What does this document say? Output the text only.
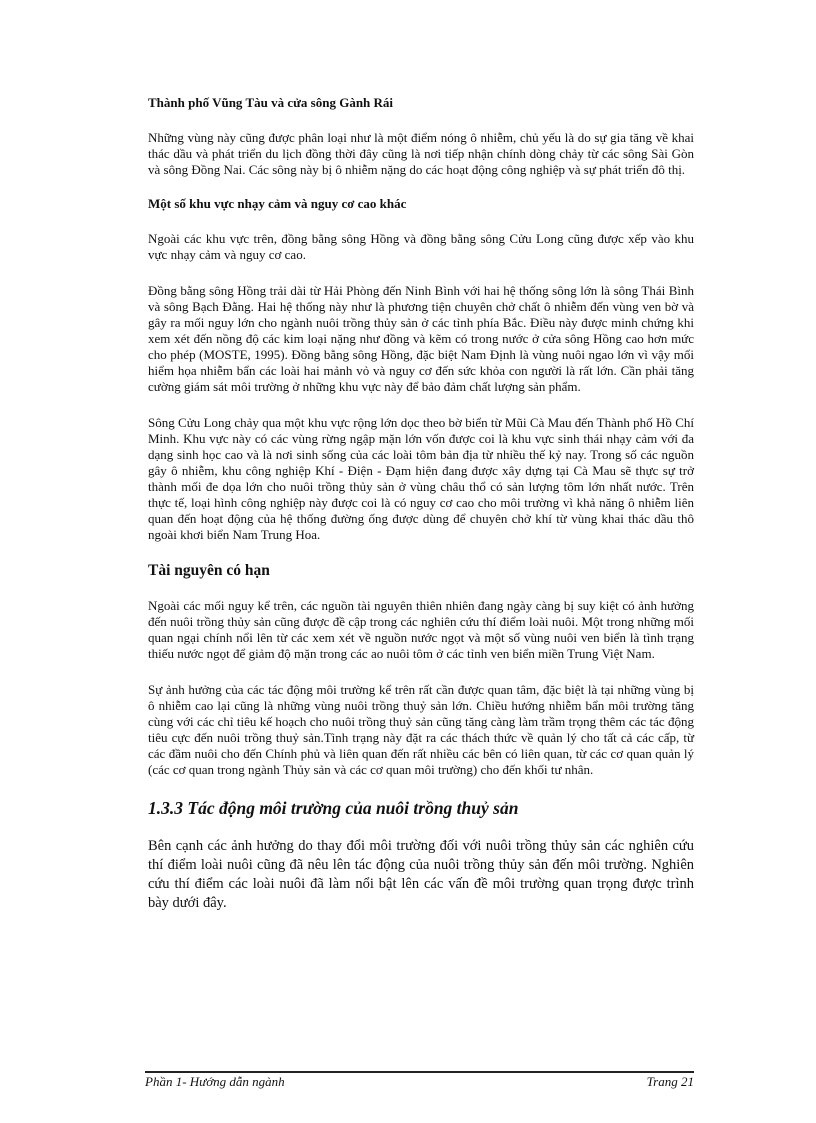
Thành phố Vũng Tàu và cửa sông Gành Rái

Những vùng này cũng được phân loại như là một điểm nóng ô nhiễm, chủ yếu là do sự gia tăng về khai thác dầu và phát triển du lịch đồng thời đây cũng là nơi tiếp nhận chính dòng chảy từ các sông Sài Gòn và sông Đồng Nai. Các sông này bị ô nhiễm nặng do các hoạt động công nghiệp và sự phát triển đô thị.

Một số khu vực nhạy cảm và nguy cơ cao khác

Ngoài các khu vực trên, đồng bằng sông Hồng và đồng bằng sông Cửu Long cũng được xếp vào khu vực nhạy cảm và nguy cơ cao.

Đồng bằng sông Hồng trải dài từ Hải Phòng đến Ninh Bình với hai hệ thống sông lớn là sông Thái Bình và sông Bạch Đằng. Hai hệ thống này như là phương tiện chuyên chở chất ô nhiễm đến vùng ven bờ và gây ra mối nguy lớn cho ngành nuôi trồng thủy sản ở các tỉnh phía Bắc. Điều này được minh chứng khi xem xét đến nồng độ các kim loại nặng như đồng và kẽm có trong nước ở cửa sông Hồng cao hơn mức cho phép (MOSTE, 1995). Đồng bằng sông Hồng, đặc biệt Nam Định là vùng nuôi ngao lớn vì vậy mối hiểm họa nhiễm bẩn các loài hai mảnh vỏ và nguy cơ đến sức khỏa con người là rất lớn. Cần phải tăng cường giám sát môi trường ở những khu vực này để bảo đảm chất lượng sản phẩm.

Sông Cửu Long chảy qua một khu vực rộng lớn dọc theo bờ biển từ Mũi Cà Mau đến Thành phố Hồ Chí Minh. Khu vực này có các vùng rừng ngập mặn lớn vốn được coi là khu vực sinh thái nhạy cảm với đa dạng sinh học cao và là nơi sinh sống của các loài tôm bản địa từ nhiều thế kỷ nay. Trong số các nguồn gây ô nhiễm, khu công nghiệp Khí - Điện - Đạm hiện đang được xây dựng tại Cà Mau sẽ thực sự trở thành mối đe dọa lớn cho nuôi trồng thủy sản ở vùng châu thổ có sản lượng tôm lớn nhất nước. Trên thực tế, loại hình công nghiệp này được coi là có nguy cơ cao cho môi trường vì khả năng ô nhiễm liên quan đến hoạt động của hệ thống đường ống được dùng để chuyên chở khí từ vùng khai thác dầu thô ngoài khơi biển Nam Trung Hoa.

Tài nguyên có hạn

Ngoài các mối nguy kể trên, các nguồn tài nguyên thiên nhiên đang ngày càng bị suy kiệt có ảnh hưởng đến nuôi trồng thủy sản cũng được đề cập trong các nghiên cứu thí điểm loài nuôi. Một trong những mối quan ngại chính nổi lên từ các xem xét về nguồn nước ngọt và một số vùng nuôi ven biển là tình trạng thiếu nước ngọt để giảm độ mặn trong các ao nuôi tôm ở các tỉnh ven biển miền Trung Việt Nam.

Sự ảnh hưởng của các tác động môi trường kể trên rất cần được quan tâm, đặc biệt là tại những vùng bị ô nhiễm cao lại cũng là những vùng nuôi trồng thuỷ sản lớn. Chiều hướng nhiễm bẩn môi trường tăng cùng với các chỉ tiêu kế hoạch cho nuôi trồng thuỷ sản cũng tăng càng làm trầm trọng thêm các tác động tiêu cực đến nuôi trồng thuỷ sản.Tình trạng này đặt ra các thách thức về quản lý cho tất cả các cấp, từ các đầm nuôi cho đến Chính phủ và liên quan đến rất nhiều các bên có liên quan, từ các cơ quan quản lý (các cơ quan trong ngành Thủy sản và các cơ quan môi trường) cho đến khối tư nhân.

1.3.3 Tác động môi trường của nuôi trồng thuỷ sản

Bên cạnh các ảnh hưởng do thay đổi môi trường đối với nuôi trồng thủy sản các nghiên cứu thí điểm loài nuôi cũng đã nêu lên tác động của nuôi trồng thủy sản đến môi trường. Nghiên cứu thí điểm các loài nuôi đã làm nổi bật lên các vấn đề môi trường quan trọng được trình bày dưới đây.

Phần 1- Hướng dẫn ngành	Trang 21
